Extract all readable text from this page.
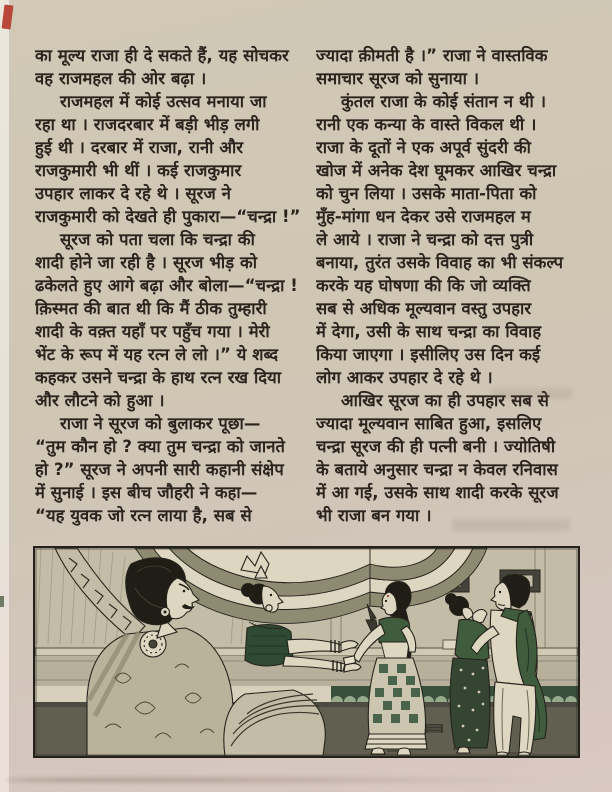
का मूल्य राजा ही दे सकते हैं, यह सोचकर
वह राजमहल की ओर बढ़ा ।
राजमहल में कोई उत्सव मनाया जा
रहा था । राजदरबार में बड़ी भीड़ लगी
हुई थी । दरबार में राजा, रानी और
राजकुमारी भी थीं । कई राजकुमार
उपहार लाकर दे रहे थे । सूरज ने
राजकुमारी को देखते ही पुकारा—“चन्द्रा !”
सूरज को पता चला कि चन्द्रा की
शादी होने जा रही है । सूरज भीड़ को
ढकेलते हुए आगे बढ़ा और बोला—“चन्द्रा !
क़िस्मत की बात थी कि मैं ठीक तुम्हारी
शादी के वक़्त यहाँ पर पहुँच गया । मेरी
भेंट के रूप में यह रत्न ले लो ।” ये शब्द
कहकर उसने चन्द्रा के हाथ रत्न रख दिया
और लौटने को हुआ ।
राजा ने सूरज को बुलाकर पूछा—
“तुम कौन हो ? क्या तुम चन्द्रा को जानते
हो ?” सूरज ने अपनी सारी कहानी संक्षेप
में सुनाई । इस बीच जौहरी ने कहा—
“यह युवक जो रत्न लाया है, सब से
ज्यादा क़ीमती है ।” राजा ने वास्तविक
समाचार सूरज को सुनाया ।
कुंतल राजा के कोई संतान न थी ।
रानी एक कन्या के वास्ते विकल थी ।
राजा के दूतों ने एक अपूर्व सुंदरी की
खोज में अनेक देश घूमकर आखिर चन्द्रा
को चुन लिया । उसके माता-पिता को
मुँह-मांगा धन देकर उसे राजमहल म
ले आये । राजा ने चन्द्रा को दत्त पुत्री
बनाया, तुरंत उसके विवाह का भी संकल्प
करके यह घोषणा की कि जो व्यक्ति
सब से अधिक मूल्यवान वस्तु उपहार
में देगा, उसी के साथ चन्द्रा का विवाह
किया जाएगा । इसीलिए उस दिन कई
लोग आकर उपहार दे रहे थे ।
आखिर सूरज का ही उपहार सब से
ज्यादा मूल्यवान साबित हुआ, इसलिए
चन्द्रा सूरज की ही पत्नी बनी । ज्योतिषी
के बताये अनुसार चन्द्रा न केवल रनिवास
में आ गई, उसके साथ शादी करके सूरज
भी राजा बन गया ।
